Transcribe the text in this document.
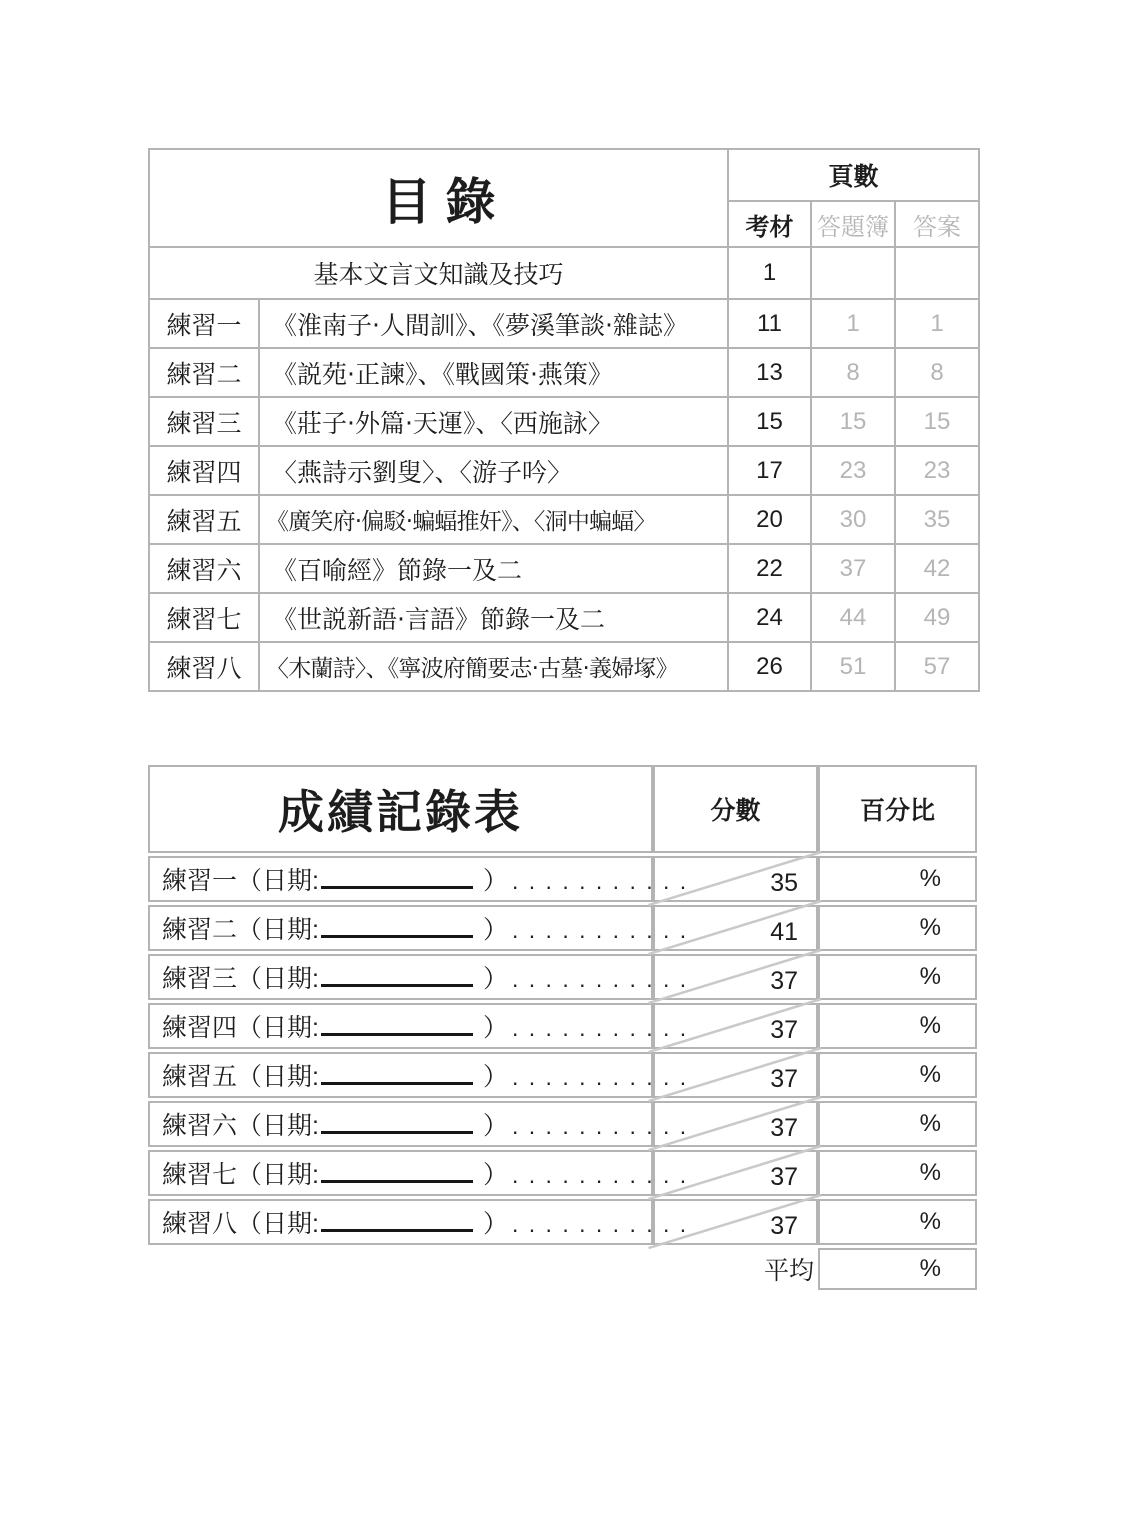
目錄		頁數		
		考材	答題簿	答案
基本文言文知識及技巧		1		
練習一	《淮南子‧人間訓》、《夢溪筆談‧雜誌》	11	1	1
練習二	《説苑‧正諫》、《戰國策‧燕策》	13	8	8
練習三	《莊子‧外篇‧天運》、〈西施詠〉	15	15	15
練習四	〈燕詩示劉叟〉、〈游子吟〉	17	23	23
練習五	《廣笑府‧偏駁‧蝙蝠推奸》、〈洞中蝙蝠〉	20	30	35
練習六	《百喻經》節錄一及二	22	37	42
練習七	《世説新語‧言語》節錄一及二	24	44	49
練習八	〈木蘭詩〉、《寧波府簡要志‧古墓‧義婦塚》	26	51	57
成績記錄表	分數	百分比

練習一 （日期: ） . . . . . . . . . . .	35	%

練習二 （日期: ） . . . . . . . . . . .	41	%

練習三 （日期: ） . . . . . . . . . . .	37	%

練習四 （日期: ） . . . . . . . . . . .	37	%

練習五 （日期: ） . . . . . . . . . . .	37	%

練習六 （日期: ） . . . . . . . . . . .	37	%

練習七 （日期: ） . . . . . . . . . . .	37	%

練習八 （日期: ） . . . . . . . . . . .	37	%
平均		%
